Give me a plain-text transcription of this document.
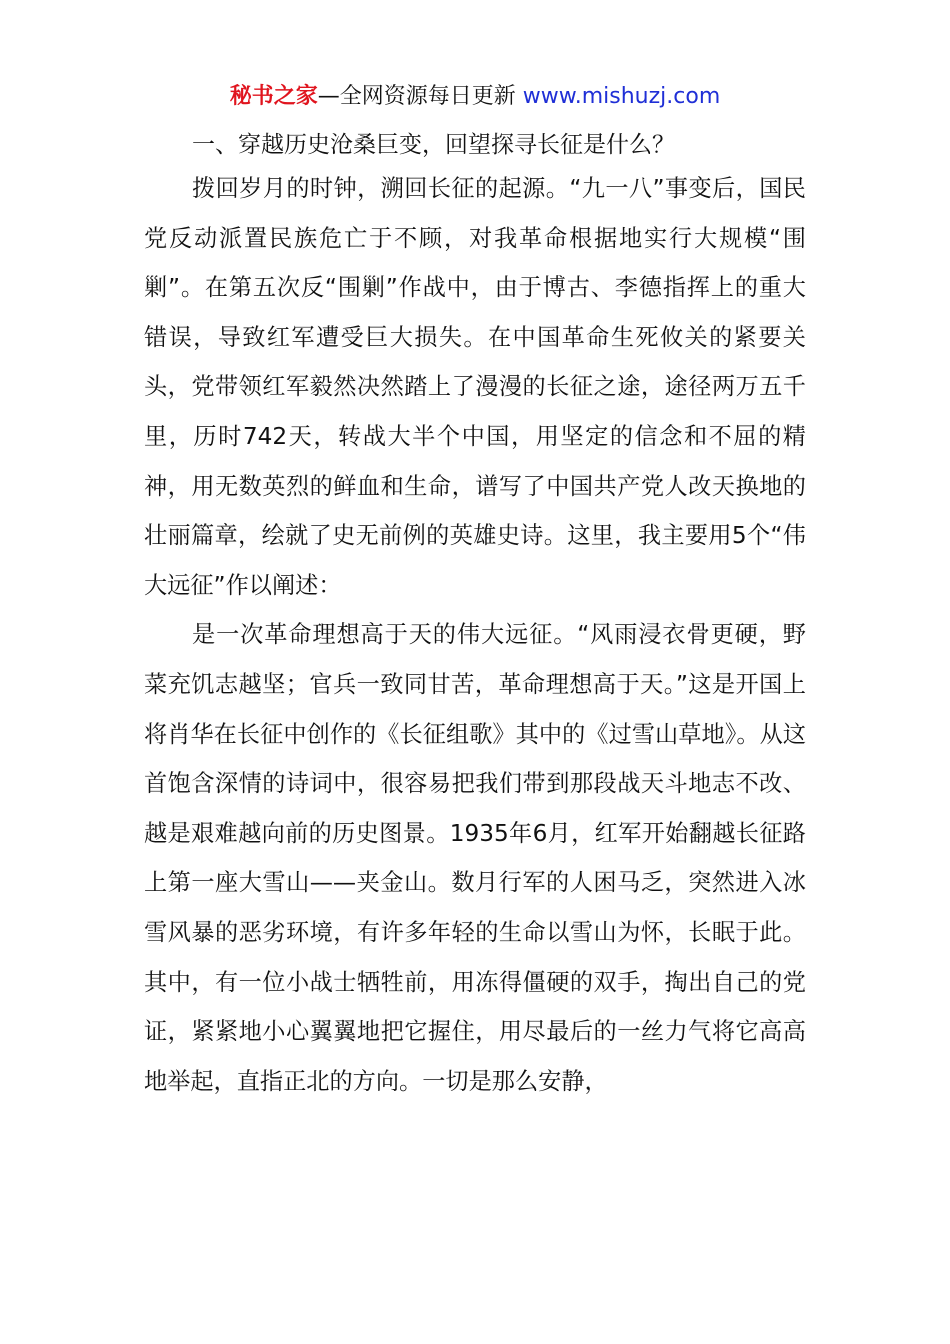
秘书之家—全网资源每日更新 www.mishuzj.com
一、穿越历史沧桑巨变，回望探寻长征是什么？

拨回岁月的时钟，溯回长征的起源。“九一八”事变后，国民党反动派置民族危亡于不顾，对我革命根据地实行大规模“围剿”。在第五次反“围剿”作战中，由于博古、李德指挥上的重大错误，导致红军遭受巨大损失。在中国革命生死攸关的紧要关头，党带领红军毅然决然踏上了漫漫的长征之途，途径两万五千里，历时742天，转战大半个中国，用坚定的信念和不屈的精神，用无数英烈的鲜血和生命，谱写了中国共产党人改天换地的壮丽篇章，绘就了史无前例的英雄史诗。这里，我主要用5个“伟大远征”作以阐述：

是一次革命理想高于天的伟大远征。“风雨浸衣骨更硬，野菜充饥志越坚；官兵一致同甘苦，革命理想高于天。”这是开国上将肖华在长征中创作的《长征组歌》其中的《过雪山草地》。从这首饱含深情的诗词中，很容易把我们带到那段战天斗地志不改、越是艰难越向前的历史图景。1935年6月，红军开始翻越长征路上第一座大雪山——夹金山。数月行军的人困马乏，突然进入冰雪风暴的恶劣环境，有许多年轻的生命以雪山为怀，长眠于此。其中，有一位小战士牺牲前，用冻得僵硬的双手，掏出自己的党证，紧紧地小心翼翼地把它握住，用尽最后的一丝力气将它高高地举起，直指正北的方向。一切是那么安静，
